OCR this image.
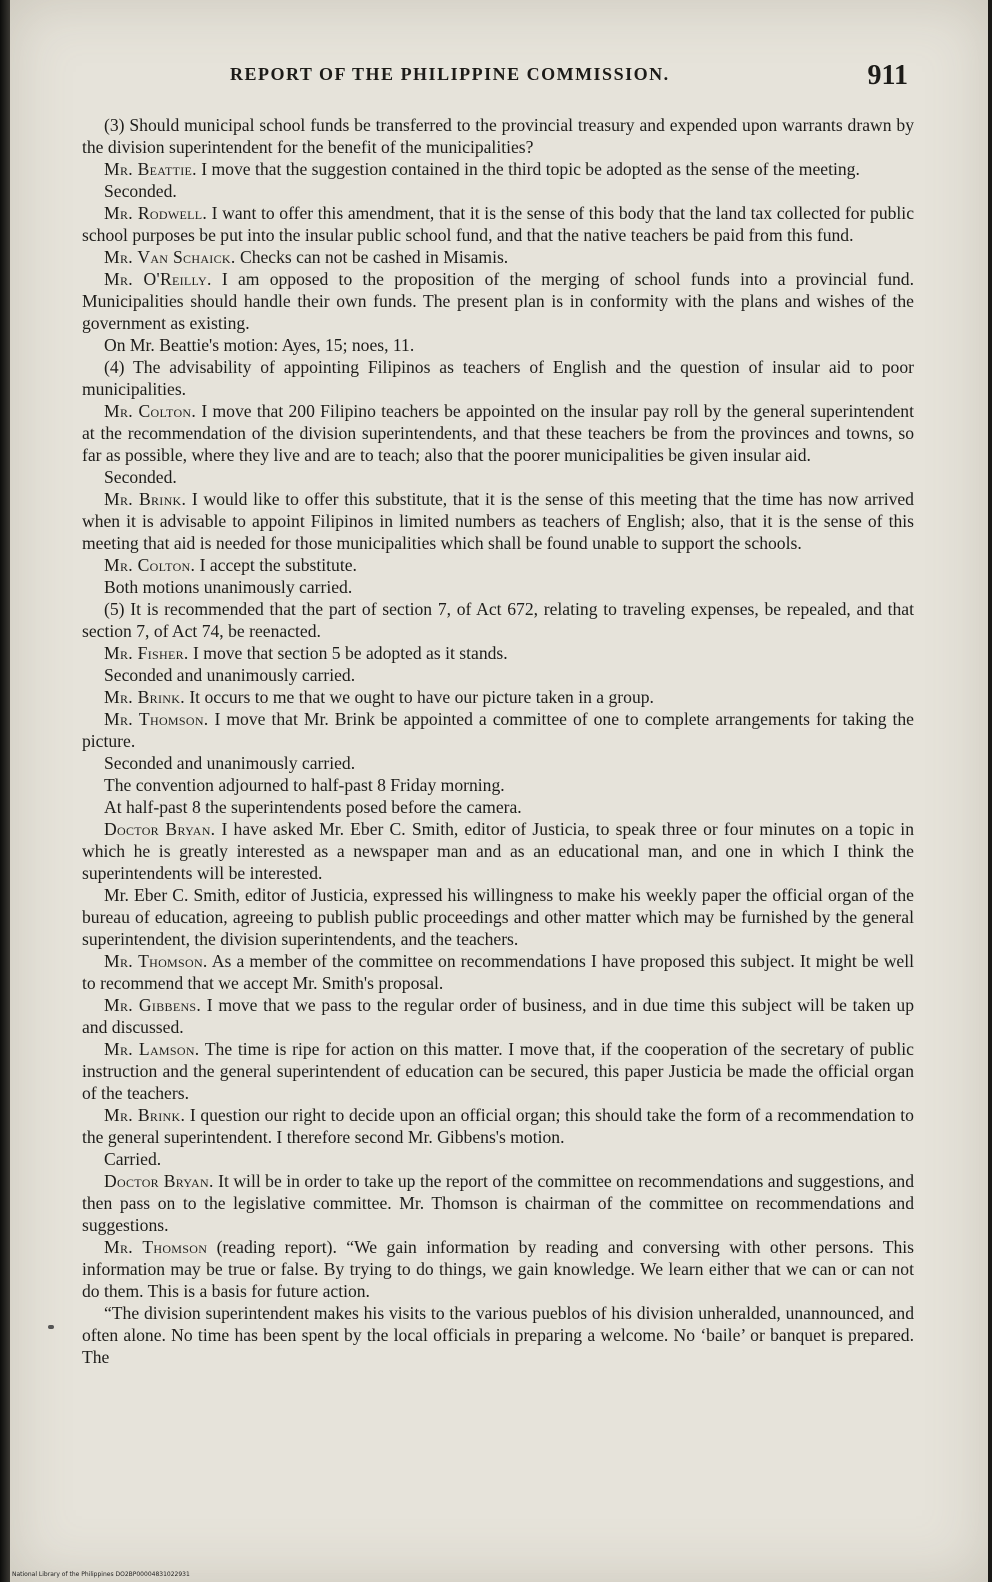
REPORT OF THE PHILIPPINE COMMISSION.	911

(3) Should municipal school funds be transferred to the provincial treasury and expended upon warrants drawn by the division superintendent for the benefit of the municipalities?

Mr. Beattie. I move that the suggestion contained in the third topic be adopted as the sense of the meeting.

Seconded.

Mr. Rodwell. I want to offer this amendment, that it is the sense of this body that the land tax collected for public school purposes be put into the insular public school fund, and that the native teachers be paid from this fund.

Mr. Van Schaick. Checks can not be cashed in Misamis.

Mr. O'Reilly. I am opposed to the proposition of the merging of school funds into a provincial fund. Municipalities should handle their own funds. The present plan is in conformity with the plans and wishes of the government as existing.

On Mr. Beattie's motion: Ayes, 15; noes, 11.

(4) The advisability of appointing Filipinos as teachers of English and the question of insular aid to poor municipalities.

Mr. Colton. I move that 200 Filipino teachers be appointed on the insular pay roll by the general superintendent at the recommendation of the division superintendents, and that these teachers be from the provinces and towns, so far as possible, where they live and are to teach; also that the poorer municipalities be given insular aid.

Seconded.

Mr. Brink. I would like to offer this substitute, that it is the sense of this meeting that the time has now arrived when it is advisable to appoint Filipinos in limited numbers as teachers of English; also, that it is the sense of this meeting that aid is needed for those municipalities which shall be found unable to support the schools.

Mr. Colton. I accept the substitute.

Both motions unanimously carried.

(5) It is recommended that the part of section 7, of Act 672, relating to traveling expenses, be repealed, and that section 7, of Act 74, be reenacted.

Mr. Fisher. I move that section 5 be adopted as it stands.

Seconded and unanimously carried.

Mr. Brink. It occurs to me that we ought to have our picture taken in a group.

Mr. Thomson. I move that Mr. Brink be appointed a committee of one to complete arrangements for taking the picture.

Seconded and unanimously carried.

The convention adjourned to half-past 8 Friday morning.

At half-past 8 the superintendents posed before the camera.

Doctor Bryan. I have asked Mr. Eber C. Smith, editor of Justicia, to speak three or four minutes on a topic in which he is greatly interested as a newspaper man and as an educational man, and one in which I think the superintendents will be interested.

Mr. Eber C. Smith, editor of Justicia, expressed his willingness to make his weekly paper the official organ of the bureau of education, agreeing to publish public proceedings and other matter which may be furnished by the general superintendent, the division superintendents, and the teachers.

Mr. Thomson. As a member of the committee on recommendations I have proposed this subject. It might be well to recommend that we accept Mr. Smith's proposal.

Mr. Gibbens. I move that we pass to the regular order of business, and in due time this subject will be taken up and discussed.

Mr. Lamson. The time is ripe for action on this matter. I move that, if the cooperation of the secretary of public instruction and the general superintendent of education can be secured, this paper Justicia be made the official organ of the teachers.

Mr. Brink. I question our right to decide upon an official organ; this should take the form of a recommendation to the general superintendent. I therefore second Mr. Gibbens's motion.

Carried.

Doctor Bryan. It will be in order to take up the report of the committee on recommendations and suggestions, and then pass on to the legislative committee. Mr. Thomson is chairman of the committee on recommendations and suggestions.

Mr. Thomson (reading report). “We gain information by reading and conversing with other persons. This information may be true or false. By trying to do things, we gain knowledge. We learn either that we can or can not do them. This is a basis for future action.

“The division superintendent makes his visits to the various pueblos of his division unheralded, unannounced, and often alone. No time has been spent by the local officials in preparing a welcome. No ‘baile’ or banquet is prepared. The

National Library of the Philippines DO2BP00004831022931
